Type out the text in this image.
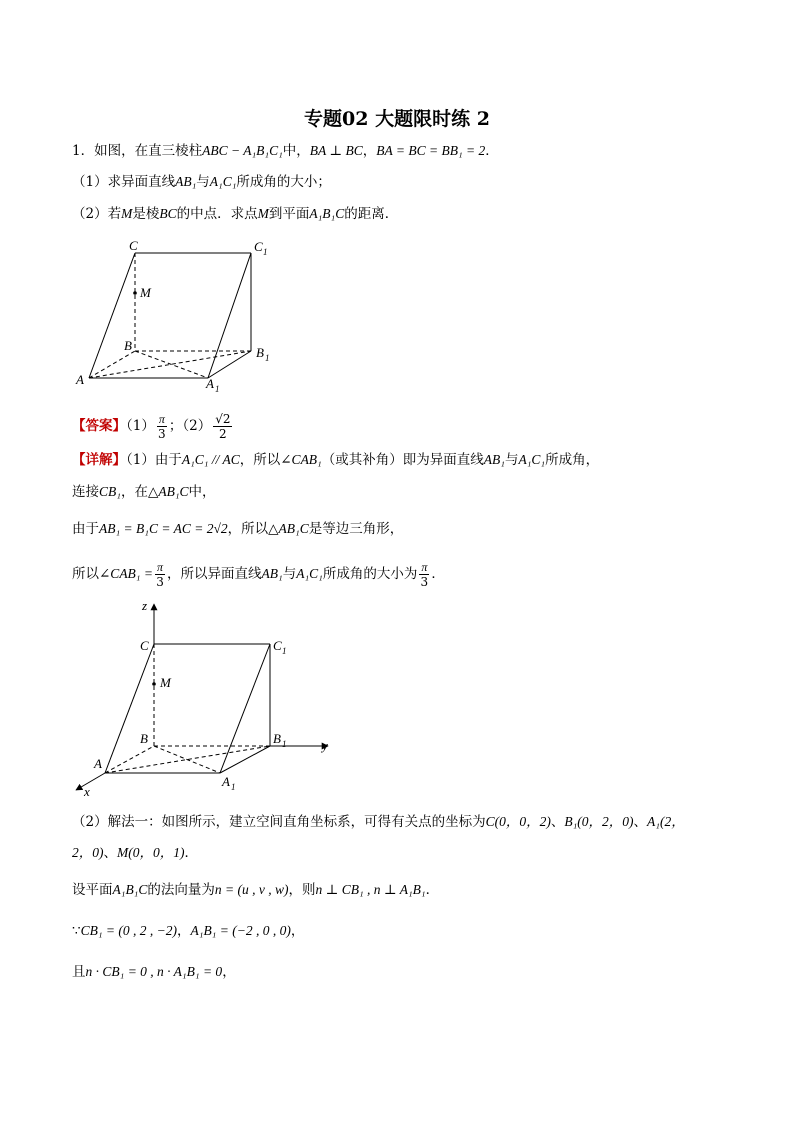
专题02 大题限时练 2
1．如图，在直三棱柱ABC − A₁B₁C₁中，BA ⊥ BC，BA = BC = BB₁ = 2．
（1）求异面直线AB₁与A₁C₁所成角的大小；
（2）若M是棱BC的中点．求点M到平面A₁B₁C的距离．
C	C 1
M
B	B 1
A	A 1
【答案】$(1) \frac{\pi}{3}$ ；$(2) \frac{√2}{2}$
【详解】（1）由于A₁C₁ // AC，所以∠CAB₁（或其补角）即为异面直线AB₁与A₁C₁所成角，
连接CB₁，在△AB₁C中，
由于AB₁ = B₁C = AC = 2√2，所以△AB₁C是等边三角形，
所以∠CAB₁ = $\frac{\pi}{3}$ ，所以异面直线AB₁与A₁C₁所成角的大小为 $\frac{\pi}{3}$ ．
z
C	C 1
M
B	B 1	y
A
A 1
x
（2）解法一：如图所示，建立空间直角坐标系，可得有关点的坐标为C(0，0，2)、B₁(0，2，0)、A₁(2，
2，0)、M(0，0，1)．
设平面A₁B₁C的法向量为n = (u , v , w)，则n ⊥ CB₁ , n ⊥ A₁B₁．
∵CB₁ = (0 , 2 , −2)，A₁B₁ = (−2 , 0 , 0)，
且n · CB₁ = 0 , n · A₁B₁ = 0，
